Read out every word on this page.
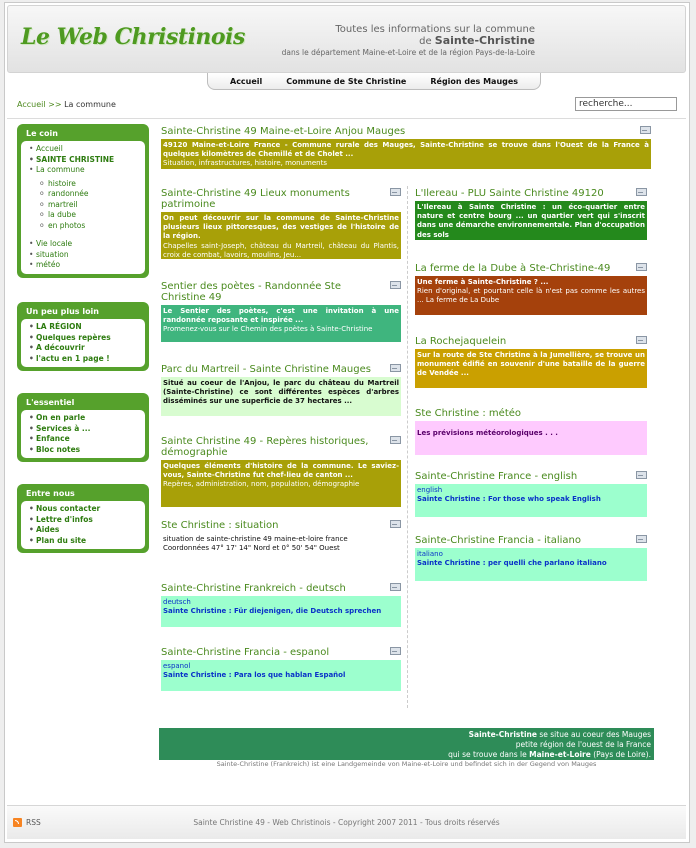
Le Web Christinois	Toutes les informations sur la commune
de Sainte-Christine
dans le département Maine-et-Loire et de la région Pays-de-la-Loire
Accueil	Commune de Ste Christine	Région des Mauges
Accueil >> La commune
recherche...
Le coin
• Accueil
• SAINTE CHRISTINE
• La commune
o histoire
o randonnée
o martreil
o la dube
o en photos
• Vie locale
• situation
• météo
Un peu plus loin
• LA RÉGION
• Quelques repères
• A découvrir
• l'actu en 1 page !
L'essentiel
• On en parle
• Services à ...
• Enfance
• Bloc notes
Entre nous
• Nous contacter
• Lettre d'infos
• Aides
• Plan du site
Sainte-Christine 49 Maine-et-Loire Anjou Mauges
49120 Maine-et-Loire France - Commune rurale des Mauges, Sainte-Christine se trouve dans l'Ouest de la France à quelques kilomètres de Chemillé et de Cholet ...
Situation, infrastructures, histoire, monuments
Sainte-Christine 49 Lieux monuments patrimoine
On peut découvrir sur la commune de Sainte-Christine plusieurs lieux pittoresques, des vestiges de l'histoire de la région.
Chapelles saint-Joseph, château du Martreil, château du Plantis, croix de combat, lavoirs, moulins, Jeu...
Sentier des poètes - Randonnée Ste Christine 49
Le Sentier des poètes, c'est une invitation à une randonnée reposante et inspirée ...
Promenez-vous sur le Chemin des poètes à Sainte-Christine
Parc du Martreil - Sainte Christine Mauges
Situé au coeur de l'Anjou, le parc du château du Martreil (Sainte-Christine) ce sont différentes espèces d'arbres disséminés sur une superficie de 37 hectares ...
Sainte Christine 49 - Repères historiques, démographie
Quelques éléments d'histoire de la commune. Le saviez-vous, Sainte-Christine fut chef-lieu de canton ...
Repères, administration, nom, population, démographie
Ste Christine : situation
situation de sainte-christine 49 maine-et-loire france
Coordonnées 47° 17' 14" Nord et 0° 50' 54" Ouest
Sainte-Christine Frankreich - deutsch
deutsch
Sainte Christine : Für diejenigen, die Deutsch sprechen
Sainte-Christine Francia - espanol
espanol
Sainte Christine : Para los que hablan Español
L'Ilereau - PLU Sainte Christine 49120
L'Ilereau à Sainte Christine : un éco-quartier entre nature et centre bourg ... un quartier vert qui s'inscrit dans une démarche environnementale. Plan d'occupation des sols
La ferme de la Dube à Ste-Christine-49
Une ferme à Sainte-Christine ? ...
Rien d'original, et pourtant celle là n'est pas comme les autres ... La ferme de La Dube
La Rochejaquelein
Sur la route de Ste Christine à la Jumellière, se trouve un monument édifié en souvenir d'une bataille de la guerre de Vendée ...
Ste Christine : météo
Les prévisions météorologiques . . .
Sainte-Christine France - english
english
Sainte Christine : For those who speak English
Sainte-Christine Francia - italiano
italiano
Sainte Christine : per quelli che parlano italiano
Sainte-Christine se situe au coeur des Mauges
petite région de l'ouest de la France
qui se trouve dans le Maine-et-Loire (Pays de Loire).
Sainte-Christine (Frankreich) ist eine Landgemeinde von Maine-et-Loire und befindet sich in der Gegend von Mauges
RSS	Sainte Christine 49 - Web Christinois - Copyright 2007 2011 - Tous droits réservés
